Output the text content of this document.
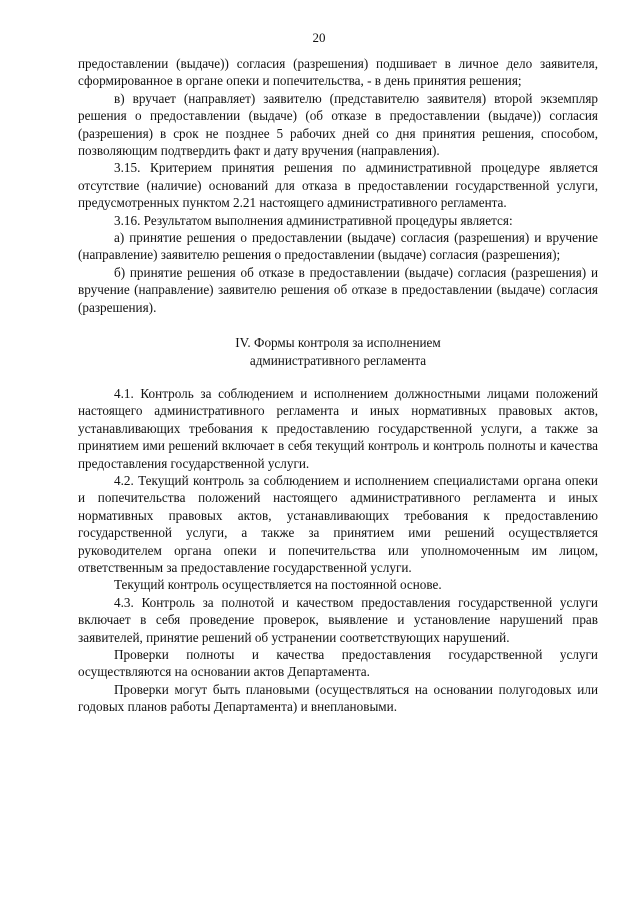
20

предоставлении (выдаче)) согласия (разрешения) подшивает в личное дело заявителя, сформированное в органе опеки и попечительства, - в день принятия решения;

в) вручает (направляет) заявителю (представителю заявителя) второй экземпляр решения о предоставлении (выдаче) (об отказе в предоставлении (выдаче)) согласия (разрешения) в срок не позднее 5 рабочих дней со дня принятия решения, способом, позволяющим подтвердить факт и дату вручения (направления).

3.15. Критерием принятия решения по административной процедуре является отсутствие (наличие) оснований для отказа в предоставлении государственной услуги, предусмотренных пунктом 2.21 настоящего административного регламента.

3.16. Результатом выполнения административной процедуры является:

а) принятие решения о предоставлении (выдаче) согласия (разрешения) и вручение (направление) заявителю решения о предоставлении (выдаче) согласия (разрешения);

б) принятие решения об отказе в предоставлении (выдаче) согласия (разрешения) и вручение (направление) заявителю решения об отказе в предоставлении (выдаче) согласия (разрешения).

IV. Формы контроля за исполнением
административного регламента

4.1. Контроль за соблюдением и исполнением должностными лицами положений настоящего административного регламента и иных нормативных правовых актов, устанавливающих требования к предоставлению государственной услуги, а также за принятием ими решений включает в себя текущий контроль и контроль полноты и качества предоставления государственной услуги.

4.2. Текущий контроль за соблюдением и исполнением специалистами органа опеки и попечительства положений настоящего административного регламента и иных нормативных правовых актов, устанавливающих требования к предоставлению государственной услуги, а также за принятием ими решений осуществляется руководителем органа опеки и попечительства или уполномоченным им лицом, ответственным за предоставление государственной услуги.

Текущий контроль осуществляется на постоянной основе.

4.3. Контроль за полнотой и качеством предоставления государственной услуги включает в себя проведение проверок, выявление и установление нарушений прав заявителей, принятие решений об устранении соответствующих нарушений.

Проверки полноты и качества предоставления государственной услуги осуществляются на основании актов Департамента.

Проверки могут быть плановыми (осуществляться на основании полугодовых или годовых планов работы Департамента) и внеплановыми.
